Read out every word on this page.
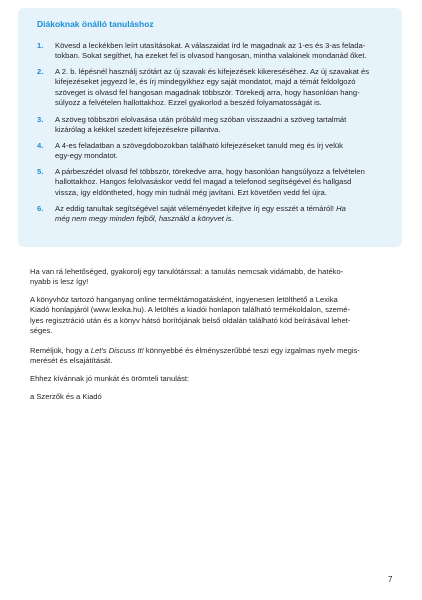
Diákoknak önálló tanuláshoz
1.	Kövesd a leckékben leírt utasításokat. A válaszaidat írd le magadnak az 1-es és 3-as felada-
tokban. Sokat segíthet, ha ezeket fel is olvasod hangosan, mintha valakinek mondanád őket.
2.	A 2. b. lépésnél használj szótárt az új szavak és kifejezések kikereséséhez. Az új szavakat és
kifejezéseket jegyezd le, és írj mindegyikhez egy saját mondatot, majd a témát feldolgozó
szöveget is olvasd fel hangosan magadnak többször. Törekedj arra, hogy hasonlóan hang-
súlyozz a felvételen hallottakhoz. Ezzel gyakorlod a beszéd folyamatosságát is.
3.	A szöveg többszöri elolvasása után próbáld meg szóban visszaadni a szöveg tartalmát
kizárólag a kékkel szedett kifejezésekre pillantva.
4.	A 4-es feladatban a szövegdobozokban található kifejezéseket tanuld meg és írj velük
egy-egy mondatot.
5.	A párbeszédet olvasd fel többször, törekedve arra, hogy hasonlóan hangsúlyozz a felvételen
hallottakhoz. Hangos felolvasáskor vedd fel magad a telefonod segítségével és hallgasd
vissza, így eldöntheted, hogy min tudnál még javítani. Ezt követően vedd fel újra.
6.	Az eddig tanultak segítségével saját véleményedet kifejtve írj egy esszét a témáról! Ha
még nem megy minden fejből, használd a könyvet is.
Ha van rá lehetőséged, gyakorolj egy tanulótárssal: a tanulás nemcsak vidámabb, de hatéko-
nyabb is lesz így!
A könyvhöz tartozó hanganyag online terméktámogatásként, ingyenesen letölthető a Lexika
Kiadó honlapjáról (www.lexika.hu). A letöltés a kiadói honlapon található termékoldalon, szemé-
lyes regisztráció után és a könyv hátsó borítójának belső oldalán található kód beírásával lehet-
séges.
Reméljük, hogy a Let's Discuss It! könnyebbé és élményszerűbbé teszi egy izgalmas nyelv megis-
merését és elsajátítását.
Ehhez kívánnak jó munkát és örömteli tanulást:
a Szerzők és a Kiadó
7
